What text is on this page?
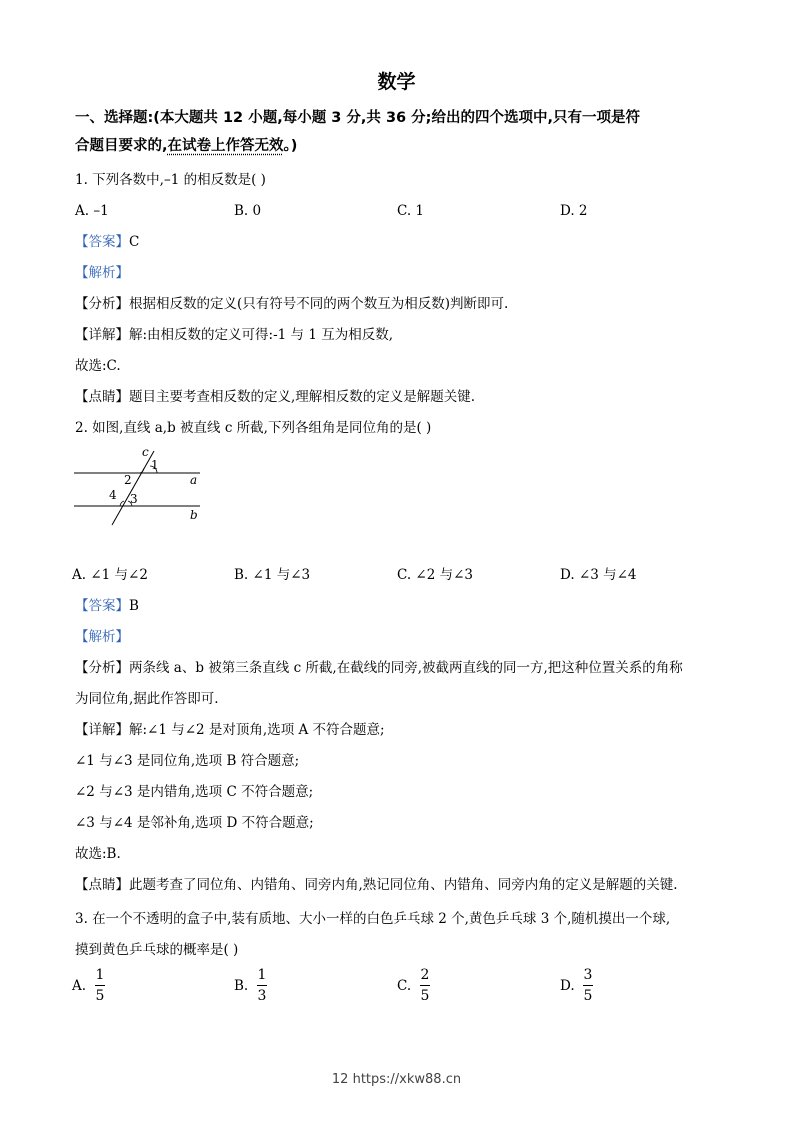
数学
一、选择题:(本大题共 12 小题,每小题 3 分,共 36 分;给出的四个选项中,只有一项是符
合题目要求的,在试卷上作答无效。)
1. 下列各数中,–1 的相反数是( )
A. –1	B. 0	C. 1	D. 2
【答案】C
【解析】
【分析】根据相反数的定义(只有符号不同的两个数互为相反数)判断即可.
【详解】解:由相反数的定义可得:-1 与 1 互为相反数,
故选:C.
【点睛】题目主要考查相反数的定义,理解相反数的定义是解题关键.
2. 如图,直线 a,b 被直线 c 所截,下列各组角是同位角的是( )
c
a
b
1
2
3
4
A. ∠1 与∠2	B. ∠1 与∠3	C. ∠2 与∠3	D. ∠3 与∠4
【答案】B
【解析】
【分析】两条线 a、b 被第三条直线 c 所截,在截线的同旁,被截两直线的同一方,把这种位置关系的角称
为同位角,据此作答即可.
【详解】解:∠1 与∠2 是对顶角,选项 A 不符合题意;
∠1 与∠3 是同位角,选项 B 符合题意;
∠2 与∠3 是内错角,选项 C 不符合题意;
∠3 与∠4 是邻补角,选项 D 不符合题意;
故选:B.
【点睛】此题考查了同位角、内错角、同旁内角,熟记同位角、内错角、同旁内角的定义是解题的关键.
3. 在一个不透明的盒子中,装有质地、大小一样的白色乒乓球 2 个,黄色乒乓球 3 个,随机摸出一个球,
摸到黄色乒乓球的概率是( )
A.
1
5
B.
1
3
C.
2
5
D.
3
5
12 https://xkw88.cn
